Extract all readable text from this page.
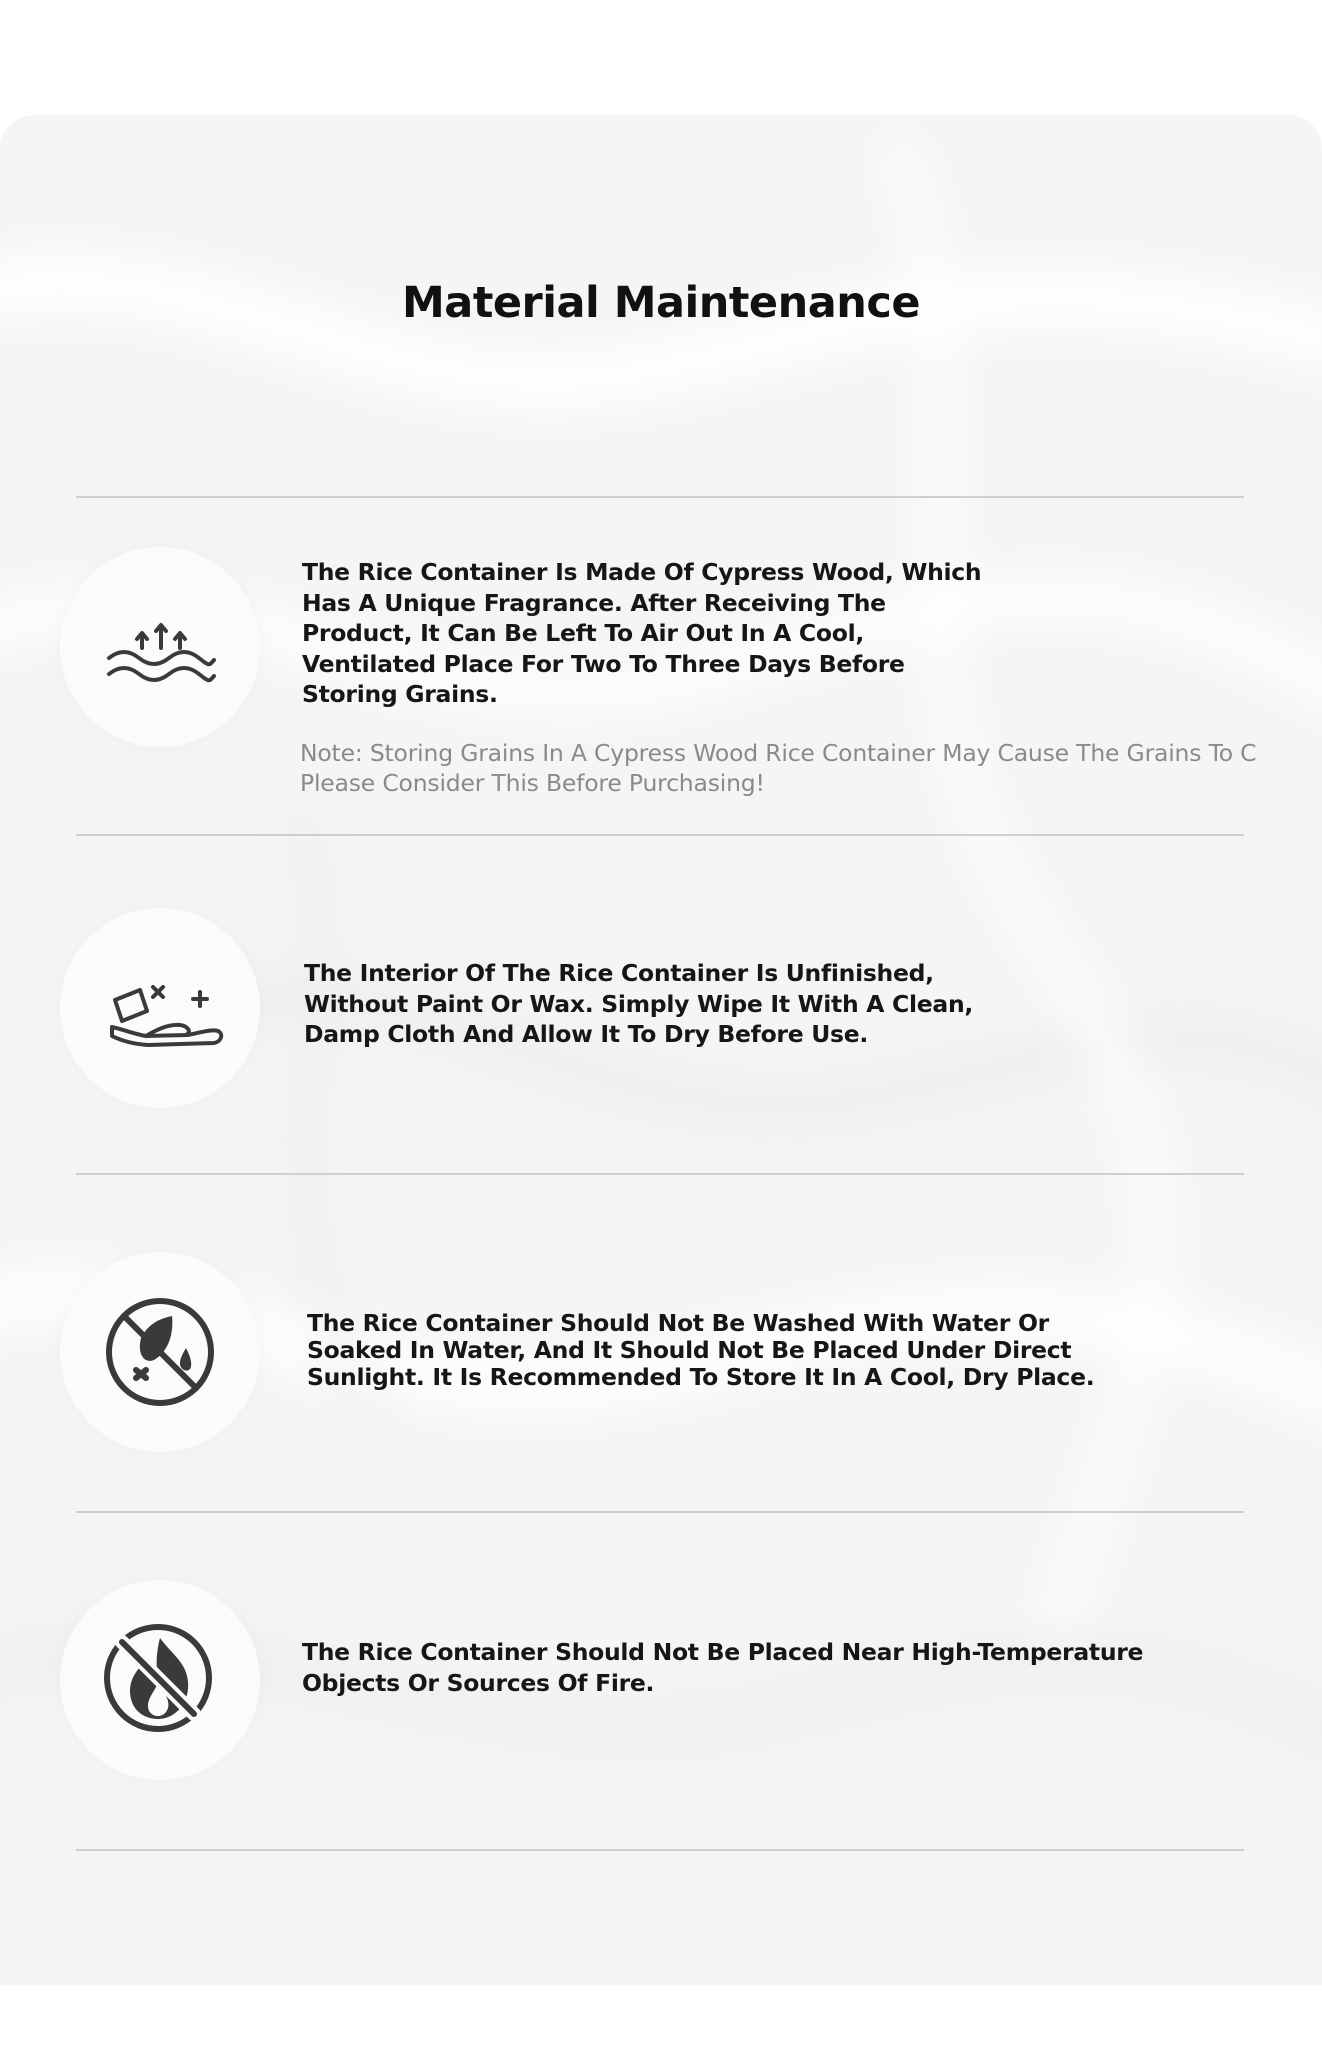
Material Maintenance

The Rice Container Is Made Of Cypress Wood, Which Has A Unique Fragrance. After Receiving The Product, It Can Be Left To Air Out In A Cool, Ventilated Place For Two To Three Days Before Storing Grains.

Note: Storing Grains In A Cypress Wood Rice Container May Cause The Grains To C
Please Consider This Before Purchasing!

The Interior Of The Rice Container Is Unfinished, Without Paint Or Wax. Simply Wipe It With A Clean, Damp Cloth And Allow It To Dry Before Use.

The Rice Container Should Not Be Washed With Water Or Soaked In Water, And It Should Not Be Placed Under Direct Sunlight. It Is Recommended To Store It In A Cool, Dry Place.

The Rice Container Should Not Be Placed Near High-Temperature Objects Or Sources Of Fire.
